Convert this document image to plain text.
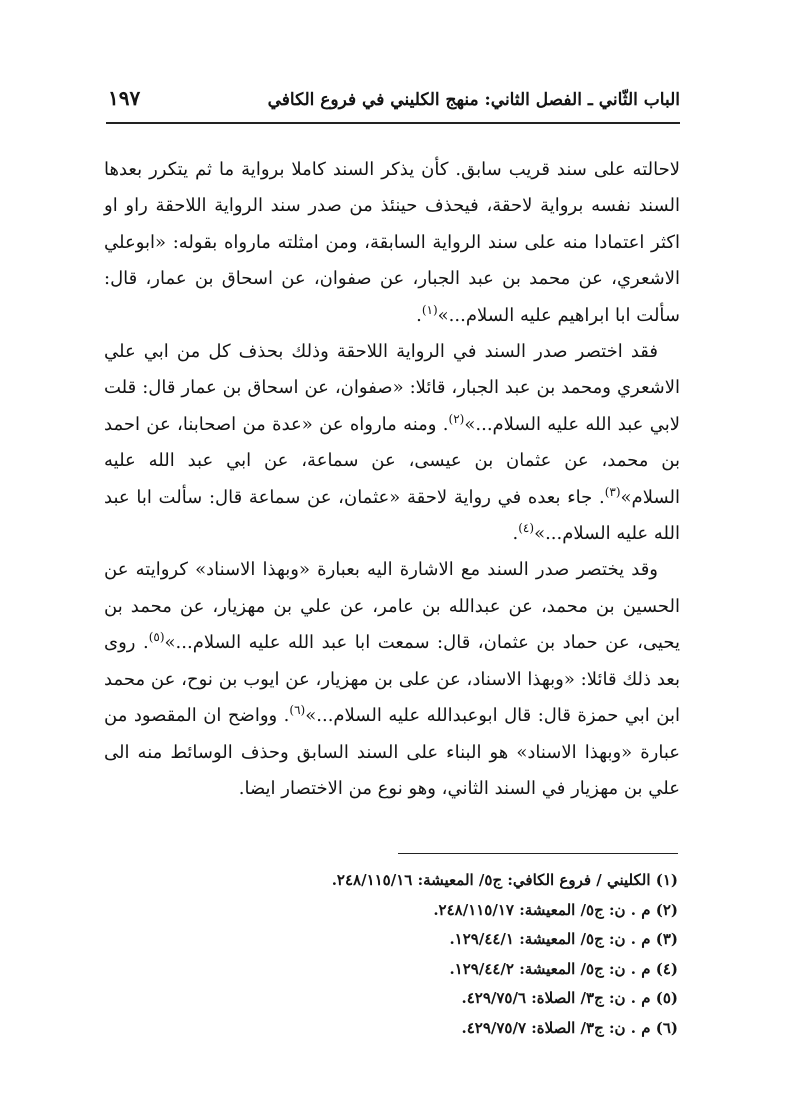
الباب الثّاني ـ الفصل الثاني: منهج الكليني في فروع الكافي
١٩٧

لاحالته على سند قريب سابق. كأن يذكر السند كاملا برواية ما ثم يتكرر بعدها السند نفسه برواية لاحقة، فيحذف حينئذ من صدر سند الرواية اللاحقة راو او اكثر اعتمادا منه على سند الرواية السابقة، ومن امثلته مارواه بقوله: «ابوعلي الاشعري، عن محمد بن عبد الجبار، عن صفوان، عن اسحاق بن عمار، قال: سألت ابا ابراهيم عليه السلام...»$^{(١)}$.

فقد اختصر صدر السند في الرواية اللاحقة وذلك بحذف كل من ابي علي الاشعري ومحمد بن عبد الجبار، قائلا: «صفوان، عن اسحاق بن عمار قال: قلت لابي عبد الله عليه السلام...»$^{(٢)}$. ومنه مارواه عن «عدة من اصحابنا، عن احمد بن محمد، عن عثمان بن عيسى، عن سماعة، عن ابي عبد الله عليه السلام»$^{(٣)}$. جاء بعده في رواية لاحقة «عثمان، عن سماعة قال: سألت ابا عبد الله عليه السلام...»$^{(٤)}$.

وقد يختصر صدر السند مع الاشارة اليه بعبارة «وبهذا الاسناد» كروايته عن الحسين بن محمد، عن عبدالله بن عامر، عن علي بن مهزيار، عن محمد بن يحيى، عن حماد بن عثمان، قال: سمعت ابا عبد الله عليه السلام...»$^{(٥)}$. روى بعد ذلك قائلا: «وبهذا الاسناد، عن على بن مهزيار، عن ايوب بن نوح، عن محمد ابن ابي حمزة قال: قال ابوعبدالله عليه السلام...»$^{(٦)}$. وواضح ان المقصود من عبارة «وبهذا الاسناد» هو البناء على السند السابق وحذف الوسائط منه الى علي بن مهزيار في السند الثاني، وهو نوع من الاختصار ايضا.

(١) الكليني / فروع الكافي: ج٥/ المعيشة: ٢٤٨/١١٥/١٦.
(٢) م . ن: ج٥/ المعيشة: ٢٤٨/١١٥/١٧.
(٣) م . ن: ج٥/ المعيشة: ١٢٩/٤٤/١.
(٤) م . ن: ج٥/ المعيشة: ١٢٩/٤٤/٢.
(٥) م . ن: ج٣/ الصلاة: ٤٢٩/٧٥/٦.
(٦) م . ن: ج٣/ الصلاة: ٤٢٩/٧٥/٧.
